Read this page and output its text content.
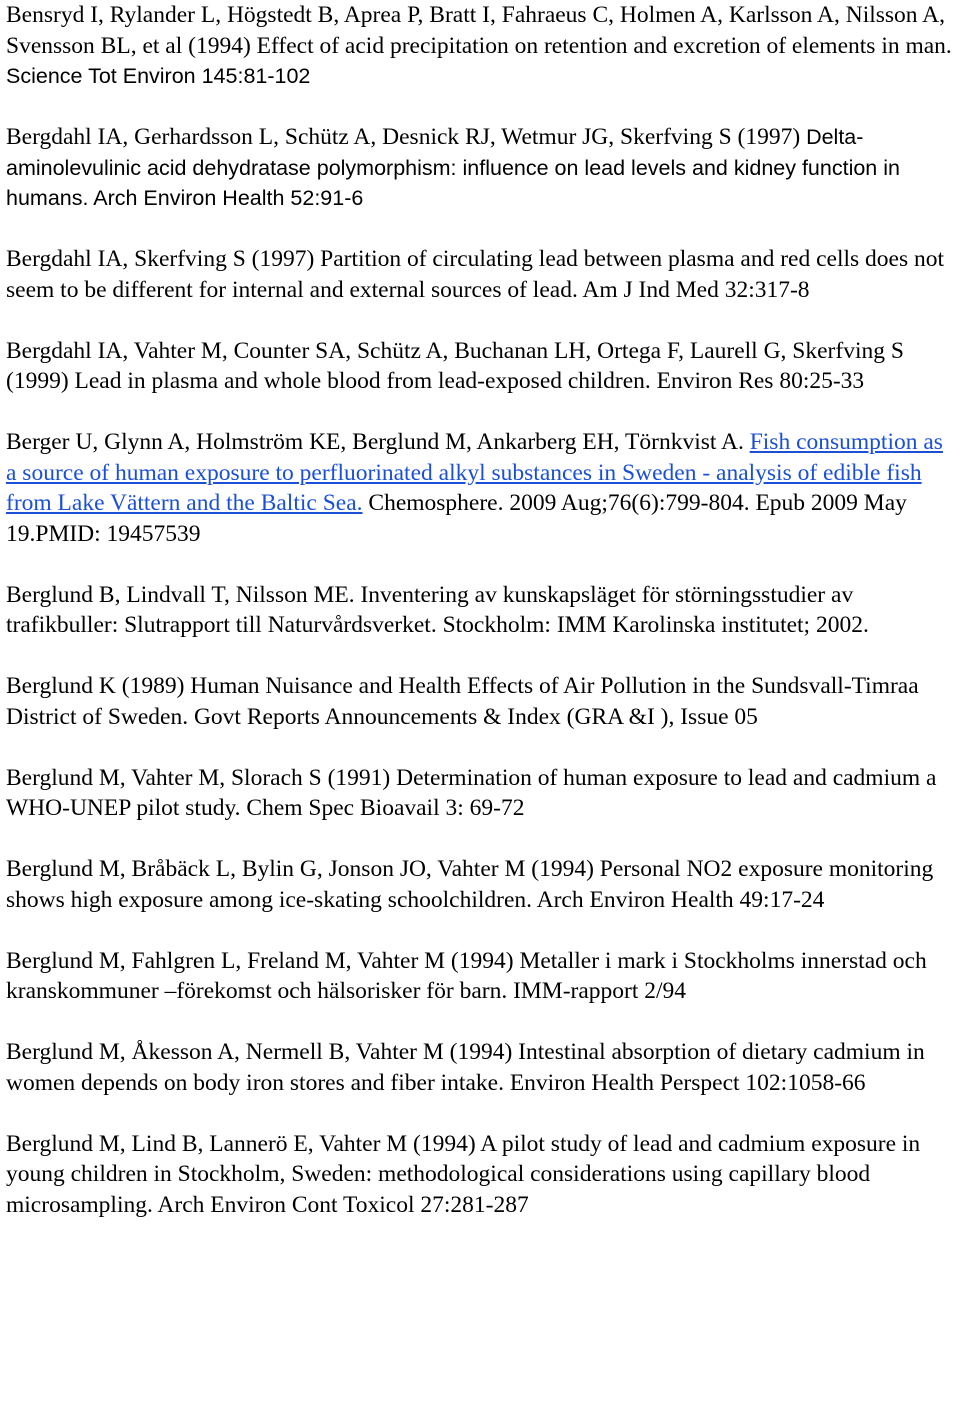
Bensryd I, Rylander L, Högstedt B, Aprea P, Bratt I, Fahraeus C, Holmen A, Karlsson A, Nilsson A, Svensson BL, et al (1994) Effect of acid precipitation on retention and excretion of elements in man. Science Tot Environ 145:81-102

Bergdahl IA, Gerhardsson L, Schütz A, Desnick RJ, Wetmur JG, Skerfving S (1997) Delta-aminolevulinic acid dehydratase polymorphism: influence on lead levels and kidney function in humans. Arch Environ Health 52:91-6

Bergdahl IA, Skerfving S (1997) Partition of circulating lead between plasma and red cells does not seem to be different for internal and external sources of lead. Am J Ind Med 32:317-8

Bergdahl IA, Vahter M, Counter SA, Schütz A, Buchanan LH, Ortega F, Laurell G, Skerfving S (1999) Lead in plasma and whole blood from lead-exposed children. Environ Res 80:25-33

Berger U, Glynn A, Holmström KE, Berglund M, Ankarberg EH, Törnkvist A. Fish consumption as a source of human exposure to perfluorinated alkyl substances in Sweden - analysis of edible fish from Lake Vättern and the Baltic Sea. Chemosphere. 2009 Aug;76(6):799-804. Epub 2009 May 19.PMID: 19457539

Berglund B, Lindvall T, Nilsson ME. Inventering av kunskapsläget för störningsstudier av trafikbuller: Slutrapport till Naturvårdsverket. Stockholm: IMM Karolinska institutet; 2002.

Berglund K (1989) Human Nuisance and Health Effects of Air Pollution in the Sundsvall-Timraa District of Sweden. Govt Reports Announcements & Index (GRA &I ), Issue 05

Berglund M, Vahter M, Slorach S (1991) Determination of human exposure to lead and cadmium a WHO-UNEP pilot study. Chem Spec Bioavail 3: 69-72

Berglund M, Bråbäck L, Bylin G, Jonson JO, Vahter M (1994) Personal NO2 exposure monitoring shows high exposure among ice-skating schoolchildren. Arch Environ Health 49:17-24

Berglund M, Fahlgren L, Freland M, Vahter M (1994) Metaller i mark i Stockholms innerstad och kranskommuner –förekomst och hälsorisker för barn. IMM-rapport 2/94

Berglund M, Åkesson A, Nermell B, Vahter M (1994) Intestinal absorption of dietary cadmium in women depends on body iron stores and fiber intake. Environ Health Perspect 102:1058-66

Berglund M, Lind B, Lannerö E, Vahter M (1994) A pilot study of lead and cadmium exposure in young children in Stockholm, Sweden: methodological considerations using capillary blood microsampling. Arch Environ Cont Toxicol 27:281-287
